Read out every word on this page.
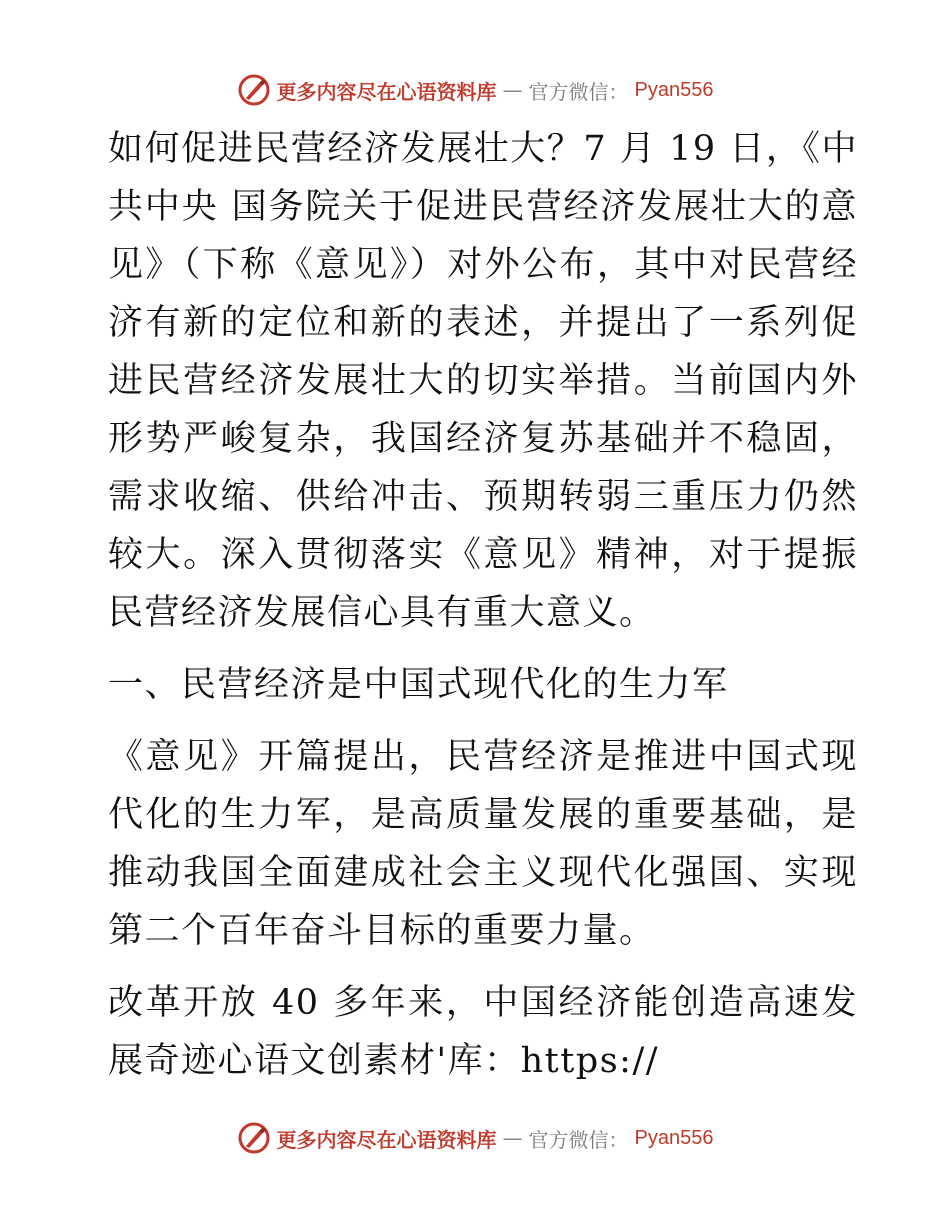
更多内容尽在心语资料库 — 官方微信： Pyan556

如何促进民营经济发展壮大？7 月 19 日，《中共中央 国务院关于促进民营经济发展壮大的意见》（下称《意见》）对外公布，其中对民营经济有新的定位和新的表述，并提出了一系列促进民营经济发展壮大的切实举措。当前国内外形势严峻复杂，我国经济复苏基础并不稳固，需求收缩、供给冲击、预期转弱三重压力仍然较大。深入贯彻落实《意见》精神，对于提振民营经济发展信心具有重大意义。

一、民营经济是中国式现代化的生力军

《意见》开篇提出，民营经济是推进中国式现代化的生力军，是高质量发展的重要基础，是推动我国全面建成社会主义现代化强国、实现第二个百年奋斗目标的重要力量。

改革开放 40 多年来，中国经济能创造高速发展奇迹心语文创素材'库：https://

更多内容尽在心语资料库 — 官方微信： Pyan556
